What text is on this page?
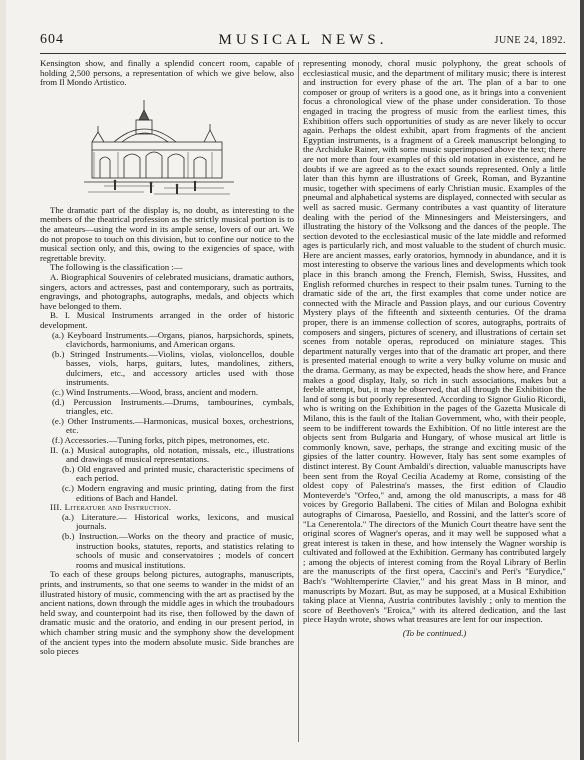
604	MUSICAL NEWS.	JUNE 24, 1892.

Kensington show, and finally a splendid concert room, capable of holding 2,500 persons, a representation of which we give below, also from Il Mondo Artistico.

The dramatic part of the display is, no doubt, as interesting to the members of the theatrical profession as the strictly musical portion is to the amateurs—using the word in its ample sense, lovers of our art. We do not propose to touch on this division, but to confine our notice to the musical section only, and this, owing to the exigencies of space, with regrettable brevity.

The following is the classification :—

A. Biographical Souvenirs of celebrated musicians, dramatic authors, singers, actors and actresses, past and contemporary, such as portraits, engravings, and photographs, autographs, medals, and objects which have belonged to them.

B. I. Musical Instruments arranged in the order of historic development.

(a.) Keyboard Instruments.—Organs, pianos, harpsichords, spinets, clavichords, harmoniums, and American organs.
(b.) Stringed Instruments.—Violins, violas, violoncellos, double basses, viols, harps, guitars, lutes, mandolines, zithers, dulcimers, etc., and accessory articles used with those instruments.
(c.) Wind Instruments.—Wood, brass, ancient and modern.
(d.) Percussion Instruments.—Drums, tambourines, cymbals, triangles, etc.
(e.) Other Instruments.—Harmonicas, musical boxes, orchestrions, etc.
(f.) Accessories.—Tuning forks, pitch pipes, metronomes, etc.
II. (a.) Musical autographs, old notation, missals, etc., illustrations and drawings of musical representations.
(b.) Old engraved and printed music, characteristic specimens of each period.
(c.) Modern engraving and music printing, dating from the first editions of Bach and Handel.
III. Literature and Instruction.
(a.) Literature.— Historical works, lexicons, and musical journals.
(b.) Instruction.—Works on the theory and practice of music, instruction books, statutes, reports, and statistics relating to schools of music and conservatoires ; models of concert rooms and musical institutions.

To each of these groups belong pictures, autographs, manuscripts, prints, and instruments, so that one seems to wander in the midst of an illustrated history of music, commencing with the art as practised by the ancient nations, down through the middle ages in which the troubadours held sway, and counterpoint had its rise, then followed by the dawn of dramatic music and the oratorio, and ending in our present period, in which chamber string music and the symphony show the development of the ancient types into the modern absolute music. Side branches are solo pieces

representing monody, choral music polyphony, the great schools of ecclesiastical music, and the department of military music; there is interest and instruction for every phase of the art. The plan of a bar to one composer or group of writers is a good one, as it brings into a convenient focus a chronological view of the phase under consideration. To those engaged in tracing the progress of music from the earliest times, this Exhibition offers such opportunities of study as are never likely to occur again. Perhaps the oldest exhibit, apart from fragments of the ancient Egyptian instruments, is a fragment of a Greek manuscript belonging to the Archiduke Rainer, with some music superimposed above the text; there are not more than four examples of this old notation in existence, and he doubts if we are agreed as to the exact sounds represented. Only a little later than this hymn are illustrations of Greek, Roman, and Byzantine music, together with specimens of early Christian music. Examples of the pneumal and alphabetical systems are displayed, connected with secular as well as sacred music. Germany contributes a vast quantity of literature dealing with the period of the Minnesingers and Meistersingers, and illustrating the history of the Volksong and the dances of the people. The section devoted to the ecclesiastical music of the late middle and reformed ages is particularly rich, and most valuable to the student of church music. Here are ancient masses, early oratorios, hymnody in abundance, and it is most interesting to observe the various lines and developments which took place in this branch among the French, Flemish, Swiss, Hussites, and English reformed churches in respect to their psalm tunes. Turning to the dramatic side of the art, the first examples that come under notice are connected with the Miracle and Passion plays, and our curious Coventry Mystery plays of the fifteenth and sixteenth centuries. Of the drama proper, there is an immense collection of scores, autographs, portraits of composers and singers, pictures of scenery, and illustrations of certain set scenes from notable operas, reproduced on miniature stages. This department naturally verges into that of the dramatic art proper, and there is presented material enough to write a very bulky volume on music and the drama. Germany, as may be expected, heads the show here, and France makes a good display, Italy, so rich in such associations, makes but a feeble attempt, but, it may be observed, that all through the Exhibition the land of song is but poorly represented. According to Signor Giulio Ricordi, who is writing on the Exhibition in the pages of the Gazetta Musicale di Milano, this is the fault of the Italian Government, who, with their people, seem to be indifferent towards the Exhibition. Of no little interest are the objects sent from Bulgaria and Hungary, of whose musical art little is commonly known, save, perhaps, the strange and exciting music of the gipsies of the latter country. However, Italy has sent some examples of distinct interest. By Count Ambaldi's direction, valuable manuscripts have been sent from the Royal Cecilia Academy at Rome, consisting of the oldest copy of Palestrina's masses, the first edition of Claudio Monteverde's "Orfeo," and, among the old manuscripts, a mass for 48 voices by Gregorio Ballabeni. The cities of Milan and Bologna exhibit autographs of Cimarosa, Paesiello, and Rossini, and the latter's score of "La Cenerentola." The directors of the Munich Court theatre have sent the original scores of Wagner's operas, and it may well be supposed what a great interest is taken in these, and how intensely the Wagner worship is cultivated and followed at the Exhibition. Germany has contributed largely ; among the objects of interest coming from the Royal Library of Berlin are the manuscripts of the first opera, Caccini's and Peri's "Eurydice," Bach's "Wohltemperirte Clavier," and his great Mass in B minor, and manuscripts by Mozart. But, as may be supposed, at a Musical Exhibition taking place at Vienna, Austria contributes lavishly ; only to mention the score of Beethoven's "Eroica," with its altered dedication, and the last piece Haydn wrote, shows what treasures are lent for our inspection.

(To be continued.)
